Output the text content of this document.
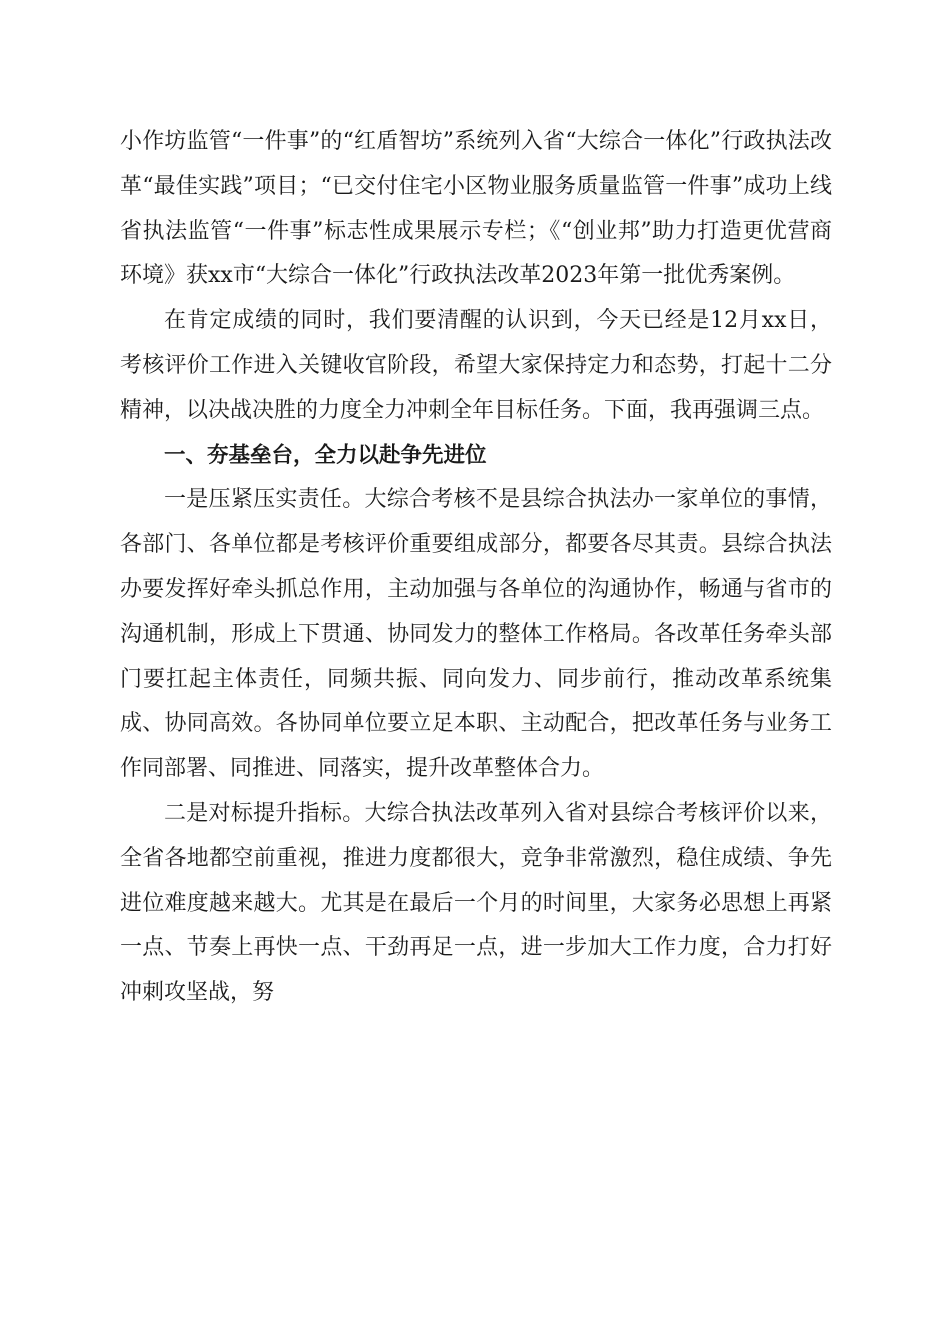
小作坊监管“一件事”的“红盾智坊”系统列入省“大综合一体化”行政执法改革“最佳实践”项目；“已交付住宅小区物业服务质量监管一件事”成功上线省执法监管“一件事”标志性成果展示专栏；《“创业邦”助力打造更优营商环境》获xx市“大综合一体化”行政执法改革2023年第一批优秀案例。

在肯定成绩的同时，我们要清醒的认识到，今天已经是12月xx日，考核评价工作进入关键收官阶段，希望大家保持定力和态势，打起十二分精神，以决战决胜的力度全力冲刺全年目标任务。下面，我再强调三点。

一、夯基垒台，全力以赴争先进位

一是压紧压实责任。大综合考核不是县综合执法办一家单位的事情，各部门、各单位都是考核评价重要组成部分，都要各尽其责。县综合执法办要发挥好牵头抓总作用，主动加强与各单位的沟通协作，畅通与省市的沟通机制，形成上下贯通、协同发力的整体工作格局。各改革任务牵头部门要扛起主体责任，同频共振、同向发力、同步前行，推动改革系统集成、协同高效。各协同单位要立足本职、主动配合，把改革任务与业务工作同部署、同推进、同落实，提升改革整体合力。

二是对标提升指标。大综合执法改革列入省对县综合考核评价以来，全省各地都空前重视，推进力度都很大，竞争非常激烈，稳住成绩、争先进位难度越来越大。尤其是在最后一个月的时间里，大家务必思想上再紧一点、节奏上再快一点、干劲再足一点，进一步加大工作力度，合力打好冲刺攻坚战，努
